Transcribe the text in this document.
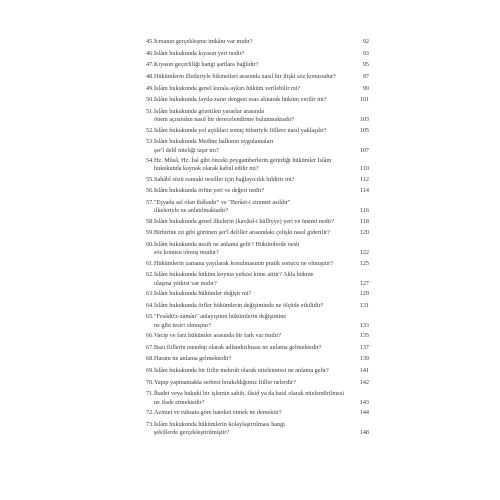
45. İcmanın gerçekleşme imkânı var mıdır?	92
46. İslâm hukukunda kıyasın yeri nedir?	93
47. Kıyasın geçerliliği hangi şartlara bağlıdır?	95
48. Hükümlerin illetleriyle hikmetleri arasında nasıl bir ilişki söz konusudur?	97
49. İslâm hukukunda genel kurala aykırı hüküm verilebilir mi?	99
50. İslâm hukukunda fayda-zarar dengesi esas alınarak hüküm verilir mi?	101
51. İslâm hukukunda gözetilen yararlar arasında
önem açısından nasıl bir derecelendirme bulunmaktadır?	103
52. İslâm hukukunda yol açtıkları sonuç itibariyle fiillere nasıl yaklaşılır?	105
53. İslâm hukukunda Medine halkının uygulamaları
şer'î delil niteliği taşır mı?	107
54. Hz. Mûsâ, Hz. Îsâ gibi önceki peygamberlerin getirdiği hükümler İslâm
hukukunda kaynak olarak kabul edilir mi?	110
55. Sahâbî sözü sonraki nesiller için bağlayıcılık bildirir mi?	112
56. İslâm hukukunda örfün yeri ve değeri nedir?	114
57. "Eşyada asl olan ibâhadır" ve "Berâet-i zimmet asıldır"
ilkeleriyle ne anlatılmaktadır?	116
58. İslâm hukukunda genel ilkelerin (kavâid-i külliyye) yeri ve önemi nedir?	118
59. Birbirine zıt gibi görünen şer'î deliller arasındaki çelişki nasıl giderilir?	120
60. İslâm hukukunda nesih ne anlama gelir? Hükümlerde nesh
söz konusu olmuş mudur?	122
61. Hükümlerin zamana yayılarak konulmasının pratik sonucu ne olmuştur?	125
62. İslâm hukukunda hüküm koyma yetkisi kime aittir? Akla hükme
ulaşma yetkisi var mıdır?	127
63. İslâm hukukunda hükümler değişir mi?	129
64. İslâm hukukunda örfler hükümlerin değişiminde ne ölçüde etkilidir?	131
65. "Fesâdü'z-zamân" anlayışının hükümlerin değişimine
ne gibi tesiri olmuştur?	133
66. Vacip ve farz hükümler arasında bir fark var mıdır?	135
67. Bazı fiillerin mendup olarak adlandırılması ne anlama gelmektedir?	137
68. Haram ne anlama gelmektedir?	139
69. İslâm hukukunda bir fiilin mekruh olarak nitelenmesi ne anlama gelir?	141
70. Yapıp yapmamakta serbest bırakıldığımız fiiller nelerdir?	142
71. İbadet veya hukuki bir işlemin sahih, fâsid ya da batıl olarak nitelendirilmesi
ne ifade etmektedir?	143
72. Azimet ve ruhsata göre hareket etmek ne demektir?	144
73. İslâm hukukunda hükümlerin kolaylaştırılması hangi
şekillerde gerçekleştirilmiştir?	148
